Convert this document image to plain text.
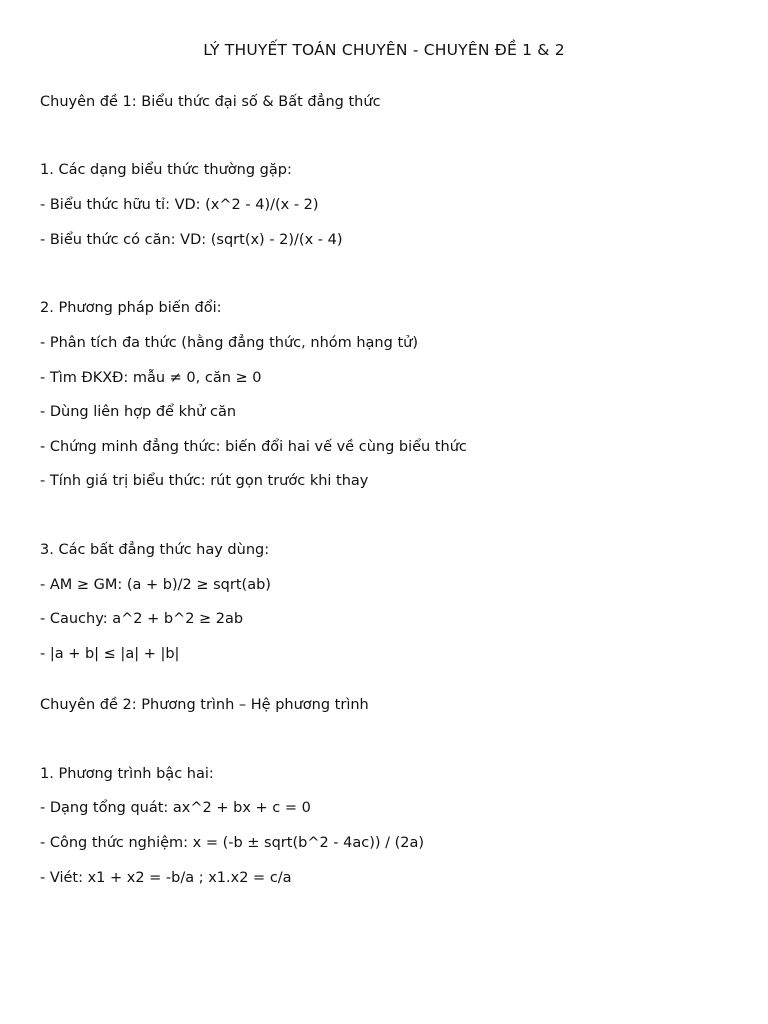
LÝ THUYẾT TOÁN CHUYÊN - CHUYÊN ĐỀ 1 & 2
Chuyên đề 1: Biểu thức đại số & Bất đẳng thức
1. Các dạng biểu thức thường gặp:
- Biểu thức hữu tỉ: VD: (x^2 - 4)/(x - 2)
- Biểu thức có căn: VD: (sqrt(x) - 2)/(x - 4)
2. Phương pháp biến đổi:
- Phân tích đa thức (hằng đẳng thức, nhóm hạng tử)
- Tìm ĐKXĐ: mẫu ≠ 0, căn ≥ 0
- Dùng liên hợp để khử căn
- Chứng minh đẳng thức: biến đổi hai vế về cùng biểu thức
- Tính giá trị biểu thức: rút gọn trước khi thay
3. Các bất đẳng thức hay dùng:
- AM ≥ GM: (a + b)/2 ≥ sqrt(ab)
- Cauchy: a^2 + b^2 ≥ 2ab
- |a + b| ≤ |a| + |b|
Chuyên đề 2: Phương trình – Hệ phương trình
1. Phương trình bậc hai:
- Dạng tổng quát: ax^2 + bx + c = 0
- Công thức nghiệm: x = (-b ± sqrt(b^2 - 4ac)) / (2a)
- Viét: x1 + x2 = -b/a ; x1.x2 = c/a
